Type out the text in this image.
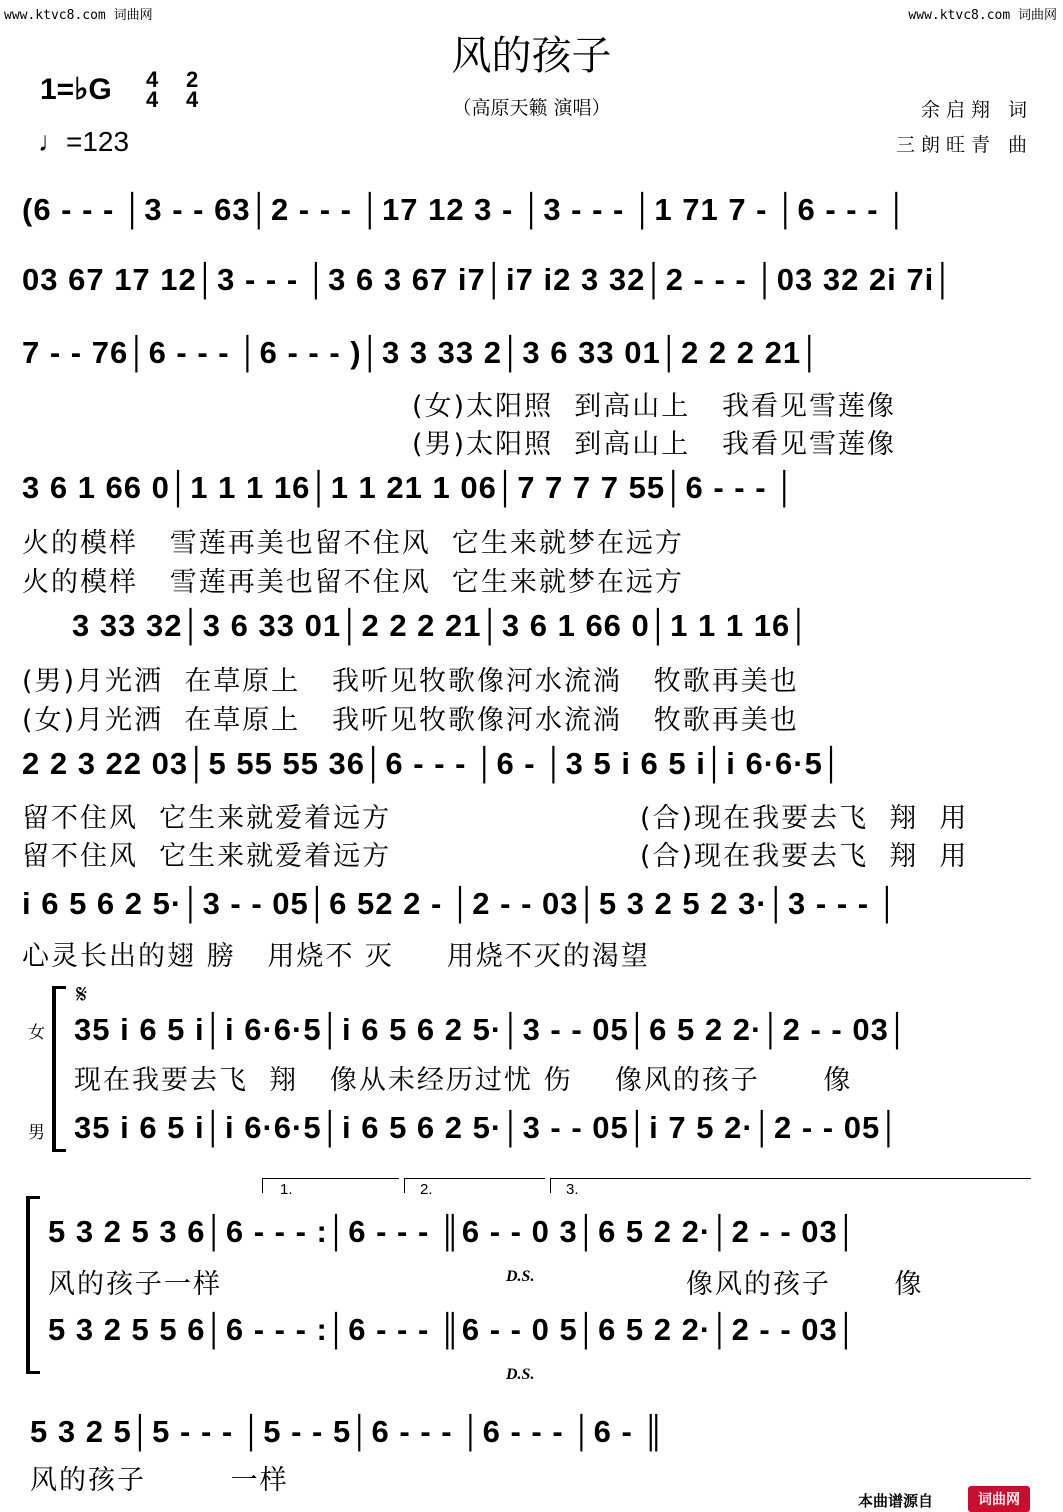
www.ktvc8.com 词曲网	www.ktvc8.com 词曲网
风的孩子
（高原天籁 演唱）
1=♭G 4
4
2
4
♩=123
余启翔 词
三朗旺青 曲
(6 - - - │3 - - 63│2 - - - │17 12 3 - │3 - - - │1 71 7 - │6 - - - │
03 67 17 12│3 - - - │3 6 3 67 i7│i7 i2 3 32│2 - - - │03 32 2i 7i│
7 - - 76│6 - - - │6 - - - )│3 3 33 2│3 6 33 01│2 2 2 21│
(女)太阳照  到高山上   我看见雪莲像
(男)太阳照  到高山上   我看见雪莲像
3 6 1 66 0│1 1 1 16│1 1 21 1 06│7 7 7 7 55│6 - - - │
火的模样   雪莲再美也留不住风  它生来就梦在远方
火的模样   雪莲再美也留不住风  它生来就梦在远方
3 33 32│3 6 33 01│2 2 2 21│3 6 1 66 0│1 1 1 16│
(男)月光洒  在草原上   我听见牧歌像河水流淌   牧歌再美也
(女)月光洒  在草原上   我听见牧歌像河水流淌   牧歌再美也
2 2 3 22 03│5 55 55 36│6 - - - │6 - │3 5 i 6 5 i│i 6·6·5│
留不住风  它生来就爱着远方
留不住风  它生来就爱着远方
(合)现在我要去飞  翔  用
(合)现在我要去飞  翔  用
i 6 5 6 2 5·│3 - - 05│6 52 2 - │2 - - 03│5 3 2 5 2 3·│3 - - - │
心灵长出的翅 膀   用烧不 灭     用烧不灭的渴望
𝄋
女
男
35 i 6 5 i│i 6·6·5│i 6 5 6 2 5·│3 - - 05│6 5 2 2·│2 - - 03│
现在我要去飞  翔   像从未经历过忧 伤    像风的孩子      像
35 i 6 5 i│i 6·6·5│i 6 5 6 2 5·│3 - - 05│i 7 5 2·│2 - - 05│
1.	2.	3.
5 3 2 5 3 6│6 - - - :│6 - - - ║6 - - 0 3│6 5 2 2·│2 - - 03│
风的孩子一样	D.S.	像风的孩子      像
5 3 2 5 5 6│6 - - - :│6 - - - ║6 - - 0 5│6 5 2 2·│2 - - 03│
D.S.
5 3 2 5│5 - - - │5 - - 5│6 - - - │6 - - - │6 - ║
风的孩子        一样
本曲谱源自	词曲网
